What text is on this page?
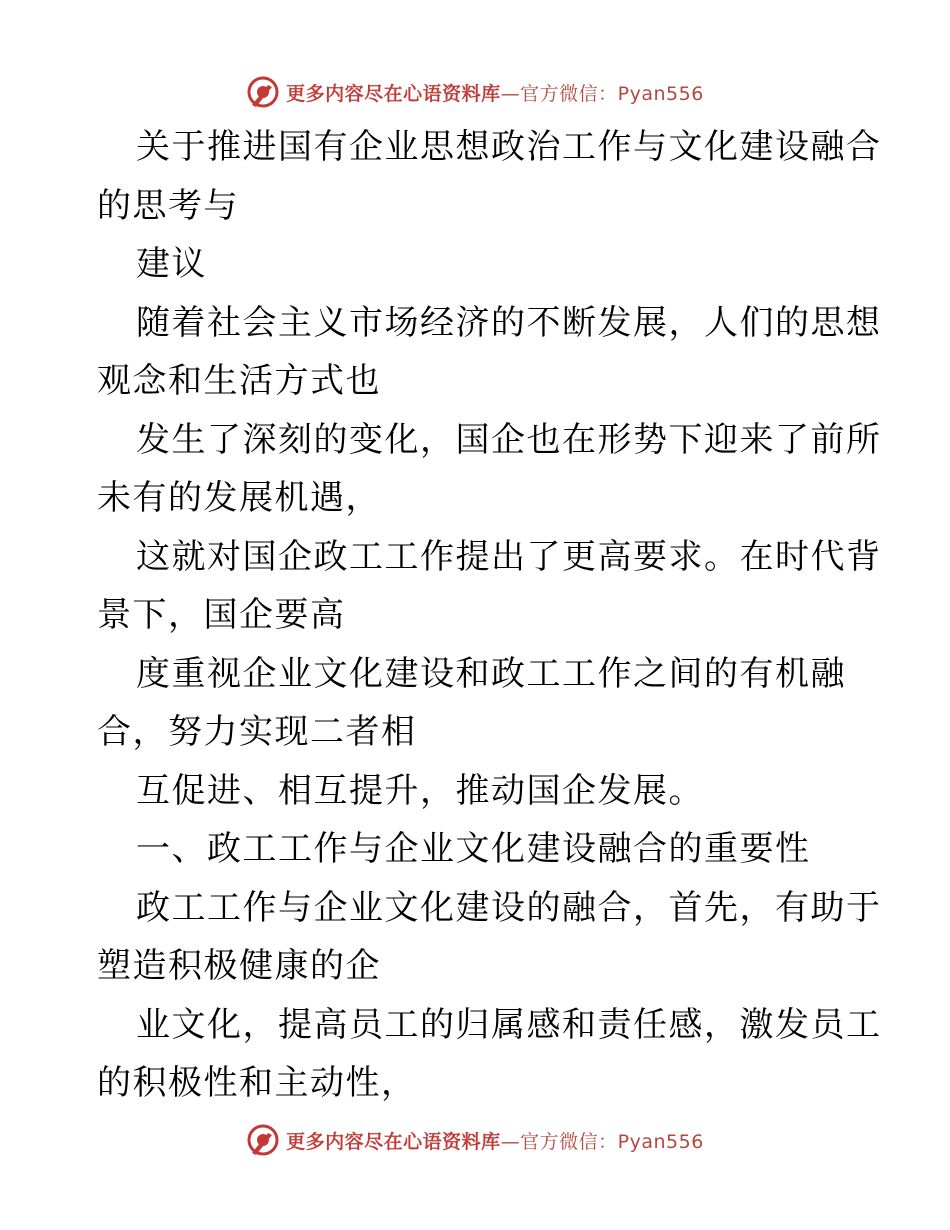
更多内容尽在心语资料库—官方微信：Pyan556
关于推进国有企业思想政治工作与文化建设融合
的思考与
建议
随着社会主义市场经济的不断发展，人们的思想
观念和生活方式也
发生了深刻的变化，国企也在形势下迎来了前所
未有的发展机遇，
这就对国企政工工作提出了更高要求。在时代背
景下，国企要高
度重视企业文化建设和政工工作之间的有机融
合，努力实现二者相
互促进、相互提升，推动国企发展。
一、政工工作与企业文化建设融合的重要性
政工工作与企业文化建设的融合，首先，有助于
塑造积极健康的企
业文化，提高员工的归属感和责任感，激发员工
的积极性和主动性，
更多内容尽在心语资料库—官方微信：Pyan556
